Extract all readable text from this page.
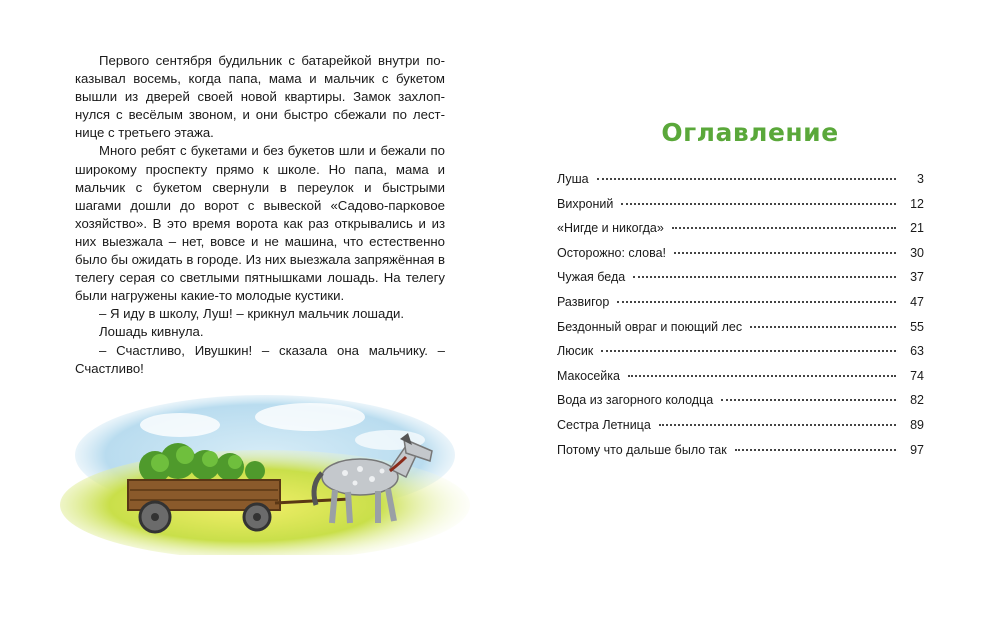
Первого сентября будильник с батарейкой внутри показывал восемь, когда папа, мама и мальчик с букетом вышли из дверей своей новой квартиры. Замок захлопнулся с весёлым звоном, и они быстро сбежали по лестнице с третьего этажа.

Много ребят с букетами и без букетов шли и бежали по широкому проспекту прямо к школе. Но папа, мама и мальчик с букетом свернули в переулок и быстрыми шагами дошли до ворот с вывеской «Садово-парковое хозяйство». В это время ворота как раз открывались и из них выезжала – нет, вовсе и не машина, что естественно было бы ожидать в городе. Из них выезжала запряжённая в телегу серая со светлыми пятнышками лошадь. На телегу были нагружены какие-то молодые кустики.

– Я иду в школу, Луш! – крикнул мальчик лошади.

Лошадь кивнула.

– Счастливо, Ивушкин! – сказала она мальчику. – Счастливо!

Оглавление
Луша	3
Вихроний	12
«Нигде и никогда»	21
Осторожно: слова!	30
Чужая беда	37
Развигор	47
Бездонный овраг и поющий лес	55
Люсик	63
Макосейка	74
Вода из загорного колодца	82
Сестра Летница	89
Потому что дальше было так	97
